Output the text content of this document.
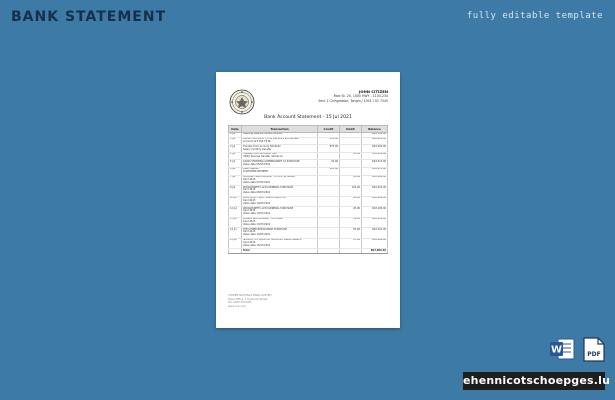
BANK STATEMENT	fully editable template
JOHN CITIZEN
Moe St. 25, 1000 HWY - 1103-234
Sect 1 Chingmotor, Tonghi / 1001 / 01 7345
Bank Account Statement - 15 Jul 2021
Date	Transaction	Credit	Debit	Balance
1 Jul	Opening balance carried forward			R$1,785.00
1 Jul	CREDIT INTEREST TO 30 JUN 2021 REFERENCE
Account 123 456 78 RL	635.00		R$2,420.00
2 Jul	Transfer from account 5674432
Salary monthly transfer	875.00		R$3,295.00
2 Jul	Transfer from ACCOUNT 912
Utility Savings transfer reference		45.00	R$3,250.00
5 Jul	GOOD SHOPPING SUPERMARKET 12 PURCHASE
Value date 05/07/2021	22.00		R$3,272.00
6 Jul	Cash Deposit
CUSTOMER PAYMENT	200.00		R$3,472.00
7 Jul	INTERNET BILL PAYMENT TO FAST INTERNET
Card 4415
Value date 07/07/2021		30.00	R$3,442.00
8 Jul	WOOLWORTHS 1234 GENERAL PURCHASE
Card 4415
Value date 08/07/2021		120.00	R$3,322.00
10 Jul	ELECTRICITY BILL FROM POWER CO
Card 4415
Value date 10/07/2021		82.00	R$3,240.00
12 Jul	WOOLWORTHS 1234 GENERAL PURCHASE
Card 4415
Value date 12/07/2021		45.00	R$3,195.00
13 Jul	MOBILE BILL PAYMENT TO PHONE
Card 4415
Value date 13/07/2021		39.00	R$3,156.00
14 Jul	THE OTHER RESTAURANT PURCHASE
Card 4415
Value date 14/07/2021		55.00	R$3,101.00
15 Jul	SERVICE FEE MONTHLY ACCOUNT MAINTENANCE
Card 4415
Value date 15/07/2021		15.00	R$3,086.00
	Total			R$3,086.00
CITIZEN NATIONAL BANK LIMITED
Head Office: 1 Financial Street
Tel: 0000 000 000
www.cnb.com
W	PDF
ehennicotschoepges.lu
